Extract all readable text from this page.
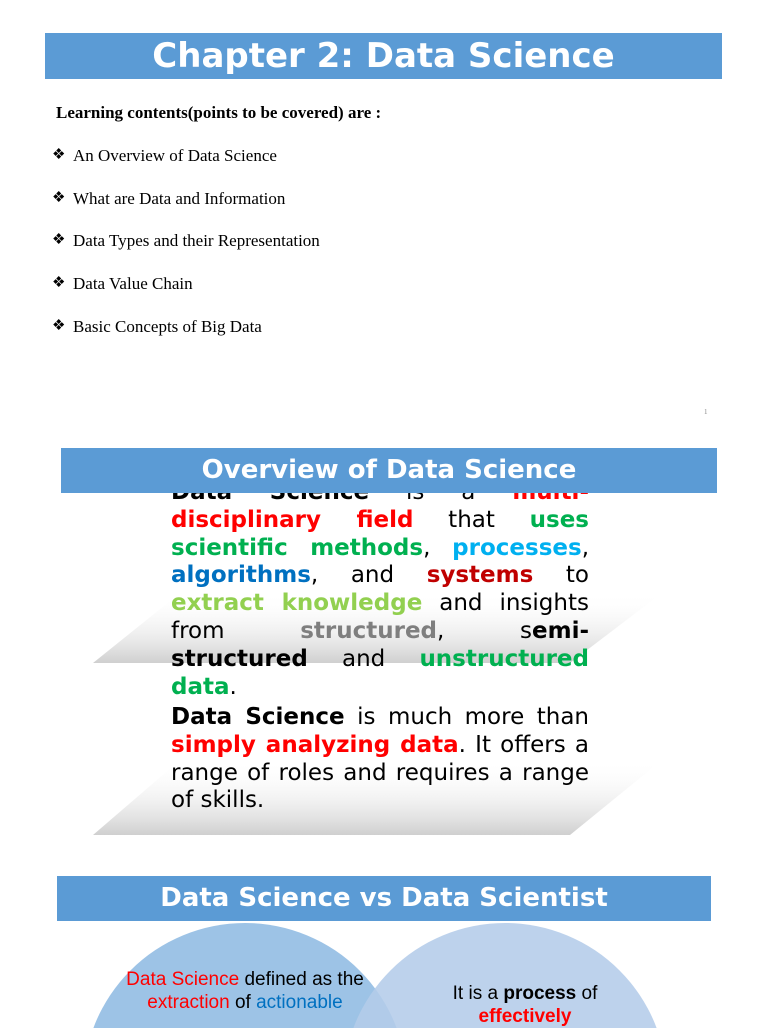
Chapter 2: Data Science
Learning contents(points to be covered) are :
❖ An Overview of Data Science
❖ What are Data and Information
❖ Data Types and their Representation
❖ Data Value Chain
❖ Basic Concepts of Big Data
1
Overview of Data Science
disciplinary field that uses scientific methods, processes, algorithms, and systems to extract knowledge and insights from structured, semi-structured and unstructured data.
Data Science is much more than simply analyzing data. It offers a range of roles and requires a range of skills.
Data Science vs Data Scientist
Data Science defined as the extraction of actionable	It is a process of effectively
